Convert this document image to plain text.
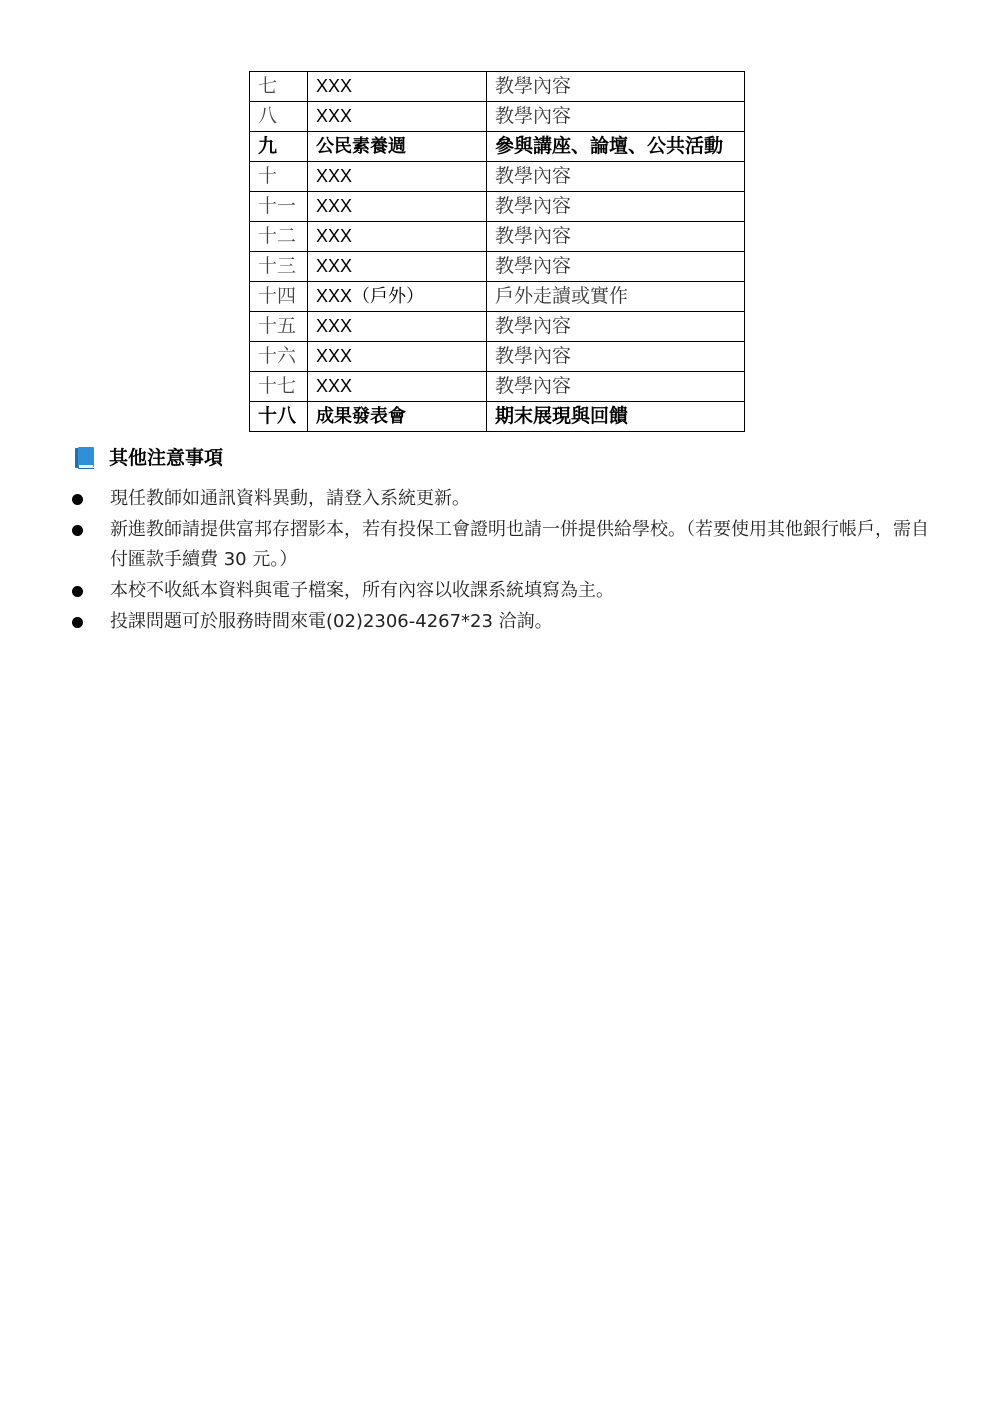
七	XXX	教學內容
八	XXX	教學內容
九	公民素養週	參與講座、論壇、公共活動
十	XXX	教學內容
十一	XXX	教學內容
十二	XXX	教學內容
十三	XXX	教學內容
十四	XXX（戶外）	戶外走讀或實作
十五	XXX	教學內容
十六	XXX	教學內容
十七	XXX	教學內容
十八	成果發表會	期末展現與回饋
其他注意事項
現任教師如通訊資料異動，請登入系統更新。
新進教師請提供富邦存摺影本，若有投保工會證明也請一併提供給學校。（若要使用其他銀行帳戶，需自付匯款手續費 30 元。）
本校不收紙本資料與電子檔案，所有內容以收課系統填寫為主。
投課問題可於服務時間來電(02)2306-4267*23 洽詢。
